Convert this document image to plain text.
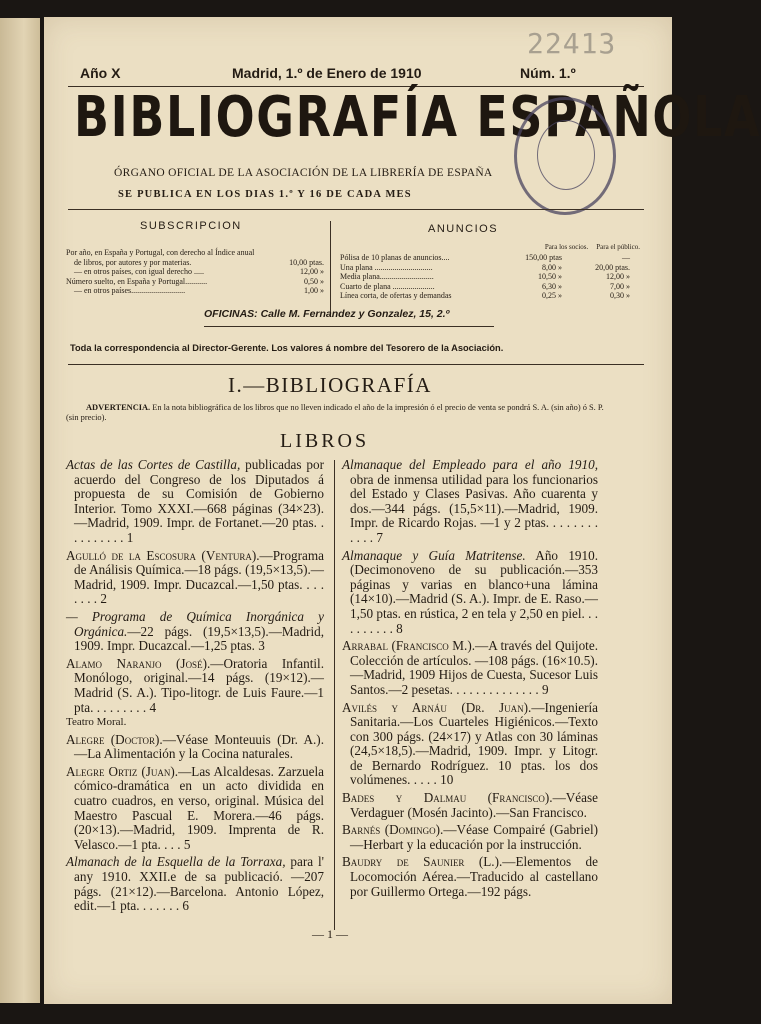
22413
Año X	Madrid, 1.º de Enero de 1910	Núm. 1.º
BIBLIOGRAFÍA ESPAÑOLA
ÓRGANO OFICIAL DE LA ASOCIACIÓN DE LA LIBRERÍA DE ESPAÑA
SE PUBLICA EN LOS DIAS 1.º Y 16 DE CADA MES
SUBSCRIPCION
Por año, en España y Portugal, con derecho al Índice anual
de libros, por autores y por materias.	10,00 ptas.
— en otros países, con igual derecho .....	12,00 »
Número suelto, en España y Portugal...........	0,50 »
— en otros países...........................	1,00 »
ANUNCIOS
Para los socios. Para el público.
Pólisa de 10 planas de anuncios....	150,00 ptas	—
Una plana .............................	8,00 »	20,00 ptas.
Media plana...........................	10,50 »	12,00 »
Cuarto de plana .....................	6,30 »	7,00 »
Línea corta, de ofertas y demandas	0,25 »	0,30 »
OFICINAS: Calle M. Fernandez y Gonzalez, 15, 2.º
Toda la correspondencia al Director-Gerente. Los valores á nombre del Tesorero de la Asociación.
I.—BIBLIOGRAFÍA
ADVERTENCIA. En la nota bibliográfica de los libros que no lleven indicado el año de la impresión ó el precio de venta se pondrá S. A. (sin año) ó S. P. (sin precio).
LIBROS

Actas de las Cortes de Castilla, publicadas por acuerdo del Congreso de los Diputados á propuesta de su Comisión de Gobierno Interior. Tomo XXXI.—668 páginas (34×23).—Madrid, 1909. Impr. de Fortanet.—20 ptas. . . . . . . . . . 1

Agulló de la Escosura (Ventura).—Programa de Análisis Química.—18 págs. (19,5×13,5).—Madrid, 1909. Impr. Ducazcal.—1,50 ptas. . . . . . . . 2

— Programa de Química Inorgánica y Orgánica.—22 págs. (19,5×13,5).—Madrid, 1909. Impr. Ducazcal.—1,25 ptas. 3

Alamo Naranjo (José).—Oratoria Infantil. Monólogo, original.—14 págs. (19×12).—Madrid (S. A.). Tipo-litogr. de Luis Faure.—1 pta. . . . . . . . . 4

Teatro Moral.

Alegre (Doctor).—Véase Monteuuis (Dr. A.).—La Alimentación y la Cocina naturales.

Alegre Ortiz (Juan).—Las Alcaldesas. Zarzuela cómico-dramática en un acto dividida en cuatro cuadros, en verso, original. Música del Maestro Pascual E. Morera.—46 págs. (20×13).—Madrid, 1909. Imprenta de R. Velasco.—1 pta. . . . 5

Almanach de la Esquella de la Torraxa, para l' any 1910. XXII.e de sa publicació. —207 págs. (21×12).—Barcelona. Antonio López, edit.—1 pta. . . . . . . 6

Almanaque del Empleado para el año 1910, obra de inmensa utilidad para los funcionarios del Estado y Clases Pasivas. Año cuarenta y dos.—344 págs. (15,5×11).—Madrid, 1909. Impr. de Ricardo Rojas. —1 y 2 ptas. . . . . . . . . . . . 7

Almanaque y Guía Matritense. Año 1910. (Decimonoveno de su publicación.—353 páginas y varias en blanco+una lámina (14×10).—Madrid (S. A.). Impr. de E. Raso.—1,50 ptas. en rústica, 2 en tela y 2,50 en piel. . . . . . . . . . 8

Arrabal (Francisco M.).—A través del Quijote. Colección de artículos. —108 págs. (16×10.5).—Madrid, 1909 Hijos de Cuesta, Sucesor Luis Santos.—2 pesetas. . . . . . . . . . . . . . 9

Avilés y Arnáu (Dr. Juan).—Ingeniería Sanitaria.—Los Cuarteles Higiénicos.—Texto con 300 págs. (24×17) y Atlas con 30 láminas (24,5×18,5).—Madrid, 1909. Impr. y Litogr. de Bernardo Rodríguez. 10 ptas. los dos volúmenes. . . . . 10

Bades y Dalmau (Francisco).—Véase Verdaguer (Mosén Jacinto).—San Francisco.

Barnés (Domingo).—Véase Compairé (Gabriel)—Herbart y la educación por la instrucción.

Baudry de Saunier (L.).—Elementos de Locomoción Aérea.—Traducido al castellano por Guillermo Ortega.—192 págs.

— 1 —
